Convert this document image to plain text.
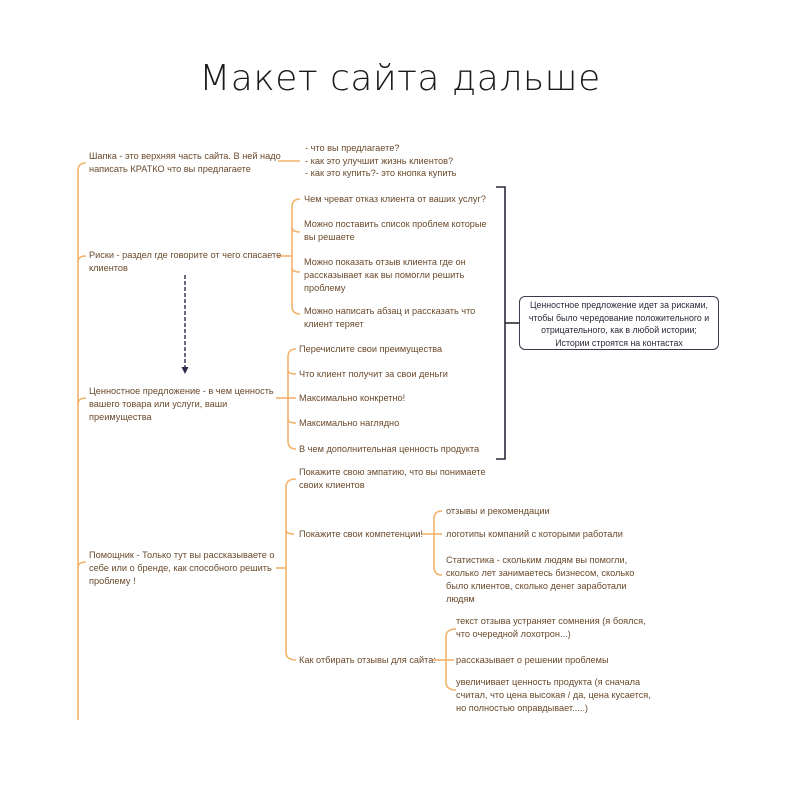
Макет сайта дальше
Шапка - это верхняя часть сайта. В ней надо
написать КРАТКО что вы предлагаете
- что вы предлагаете?
- как это улучшит жизнь клиентов?
- как это купить?- это кнопка купить
Риски - раздел где говорите от чего спасаете
клиентов
Чем чреват отказ клиента от ваших услуг?
Можно поставить список проблем которые
вы решаете
Можно показать отзыв клиента где он
рассказывает как вы помогли решить
проблему
Можно написать абзац и рассказать что
клиент теряет
Ценностное предложение - в чем ценность
вашего товара или услуги, ваши
преимущества
Перечислите свои преимущества
Что клиент получит за свои деньги
Максимально конкретно!
Максимально наглядно
В чем дополнительная ценность продукта
Ценностное предложение идет за рисками,
чтобы было чередование положительного и
отрицательного, как в любой истории;
Истории строятся на контастах
Помощник - Только тут вы рассказываете о
себе или о бренде, как способного решить
проблему !
Покажите свою эмпатию, что вы понимаете
своих клиентов
Покажите свои компетенции!
отзывы и рекомендации
логотипы компаний с которыми работали
Статистика - скольким людям вы помогли,
сколько лет занимаетесь бизнесом, сколько
было клиентов, сколько денег заработали
людям
Как отбирать отзывы для сайта:
текст отзыва устраняет сомнения (я боялся,
что очередной лохотрон...)
рассказывает о решении проблемы
увеличивает ценность продукта (я сначала
считал, что цена высокая / да, цена кусается,
но полностью оправдывает.....)
